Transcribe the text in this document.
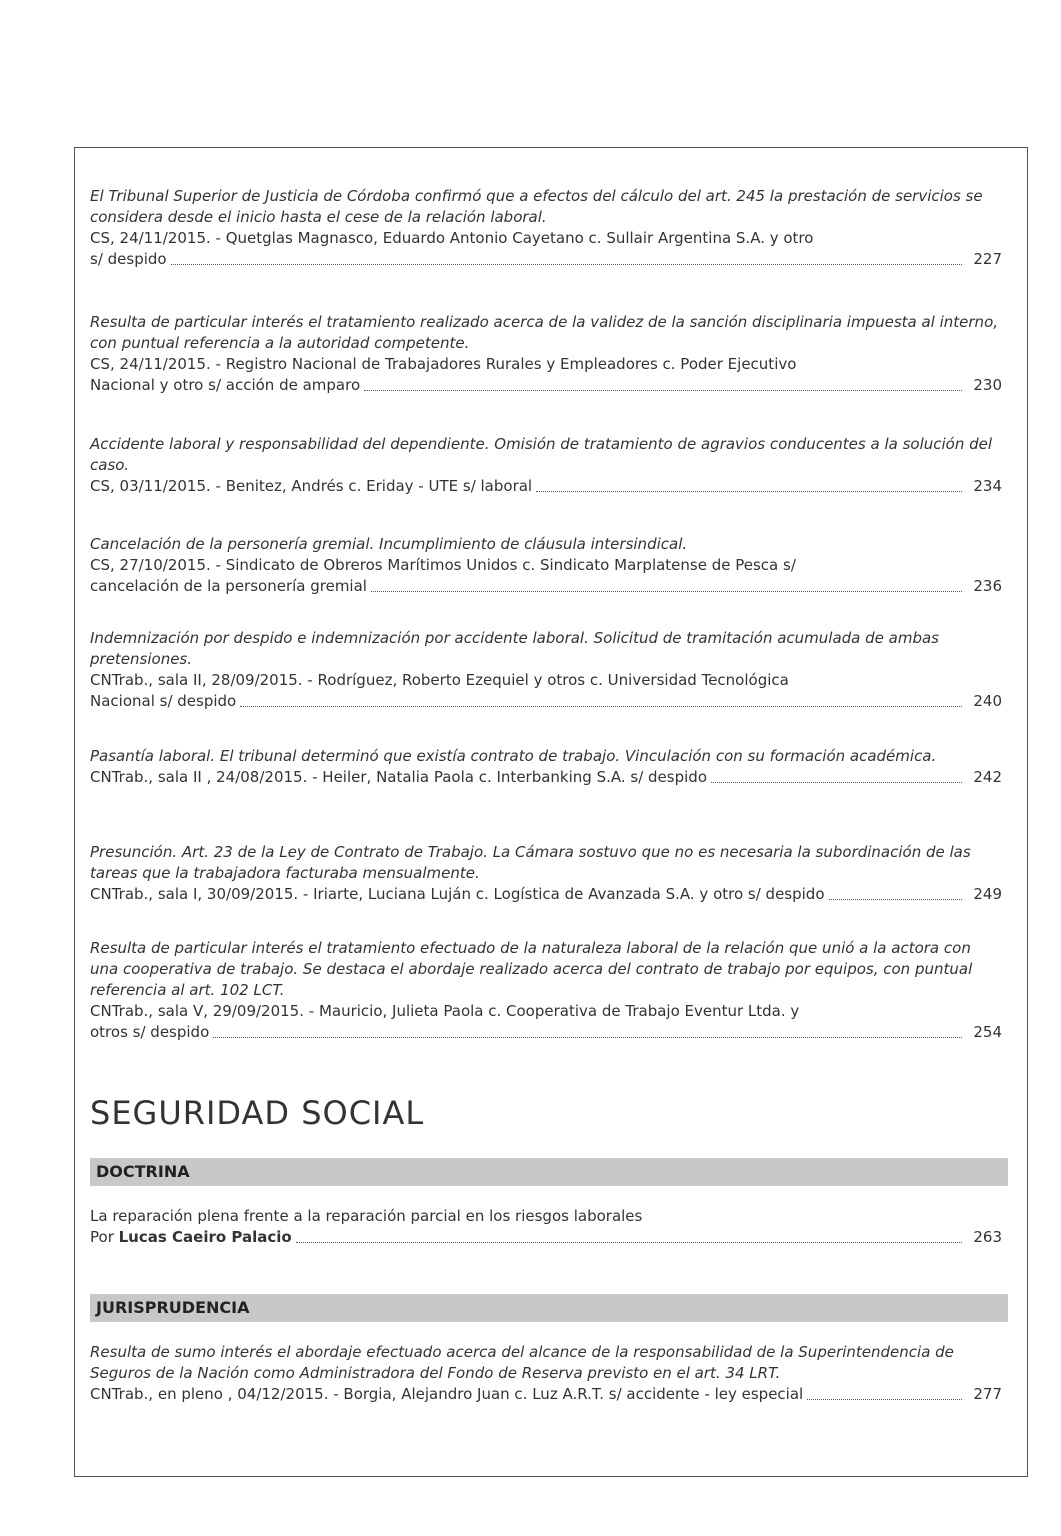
El Tribunal Superior de Justicia de Córdoba confirmó que a efectos del cálculo del art. 245 la prestación de servicios se considera desde el inicio hasta el cese de la relación laboral.
CS, 24/11/2015. - Quetglas Magnasco, Eduardo Antonio Cayetano c. Sullair Argentina S.A. y otro
s/ despido	227
Resulta de particular interés el tratamiento realizado acerca de la validez de la sanción disciplinaria impuesta al interno, con puntual referencia a la autoridad competente.
CS, 24/11/2015. - Registro Nacional de Trabajadores Rurales y Empleadores c. Poder Ejecutivo
Nacional y otro s/ acción de amparo	230
Accidente laboral y responsabilidad del dependiente. Omisión de tratamiento de agravios conducentes a la solución del caso.
CS, 03/11/2015. - Benitez, Andrés c. Eriday - UTE s/ laboral	234
Cancelación de la personería gremial. Incumplimiento de cláusula intersindical.
CS, 27/10/2015. - Sindicato de Obreros Marítimos Unidos c. Sindicato Marplatense de Pesca s/
cancelación de la personería gremial	236
Indemnización por despido e indemnización por accidente laboral. Solicitud de tramitación acumulada de ambas pretensiones.
CNTrab., sala II, 28/09/2015. - Rodríguez, Roberto Ezequiel y otros c. Universidad Tecnológica
Nacional s/ despido	240
Pasantía laboral. El tribunal determinó que existía contrato de trabajo. Vinculación con su formación académica.
CNTrab., sala II , 24/08/2015. - Heiler, Natalia Paola c. Interbanking S.A. s/ despido	242
Presunción. Art. 23 de la Ley de Contrato de Trabajo. La Cámara sostuvo que no es necesaria la subordinación de las tareas que la trabajadora facturaba mensualmente.
CNTrab., sala I, 30/09/2015. - Iriarte, Luciana Luján c. Logística de Avanzada S.A. y otro s/ despido	249
Resulta de particular interés el tratamiento efectuado de la naturaleza laboral de la relación que unió a la actora con una cooperativa de trabajo. Se destaca el abordaje realizado acerca del contrato de trabajo por equipos, con puntual referencia al art. 102 LCT.
CNTrab., sala V, 29/09/2015. - Mauricio, Julieta Paola c. Cooperativa de Trabajo Eventur Ltda. y
otros s/ despido	254
SEGURIDAD SOCIAL
DOCTRINA
La reparación plena frente a la reparación parcial en los riesgos laborales
Por Lucas Caeiro Palacio	263
JURISPRUDENCIA
Resulta de sumo interés el abordaje efectuado acerca del alcance de la responsabilidad de la Superintendencia de Seguros de la Nación como Administradora del Fondo de Reserva previsto en el art. 34 LRT.
CNTrab., en pleno , 04/12/2015. - Borgia, Alejandro Juan c. Luz A.R.T. s/ accidente - ley especial	277
